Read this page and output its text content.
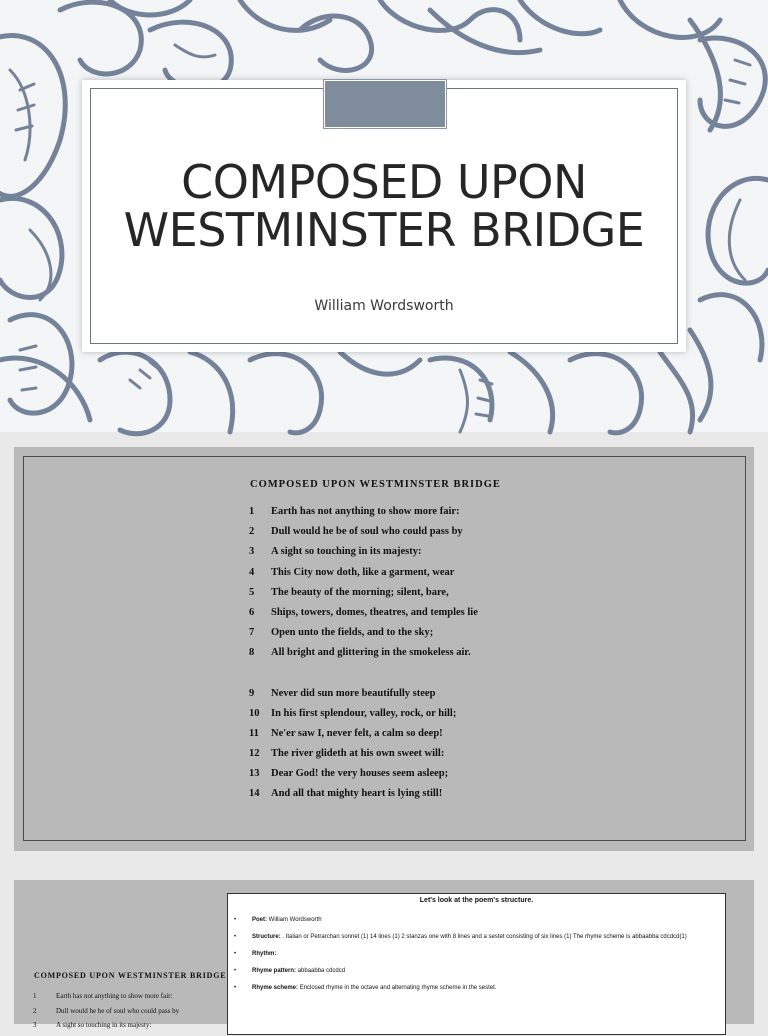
COMPOSED UPON
WESTMINSTER BRIDGE
William Wordsworth
COMPOSED UPON WESTMINSTER BRIDGE
1 Earth has not anything to show more fair:
2 Dull would he be of soul who could pass by
3 A sight so touching in its majesty:
4 This City now doth, like a garment, wear
5 The beauty of the morning; silent, bare,
6 Ships, towers, domes, theatres, and temples lie
7 Open unto the fields, and to the sky;
8 All bright and glittering in the smokeless air.
9 Never did sun more beautifully steep
10 In his first splendour, valley, rock, or hill;
11 Ne'er saw I, never felt, a calm so deep!
12 The river glideth at his own sweet will:
13 Dear God! the very houses seem asleep;
14 And all that mighty heart is lying still!
COMPOSED UPON WESTMINSTER BRIDGE
1	Earth has not anything to show more fair:
2	Dull would he be of soul who could pass by
3	A sight so touching in its majesty:
Let's look at the poem's structure.
•	Poet: William Wordsworth
•	Structure: . Italian or Petrarchan sonnet (1) 14 lines (1) 2 stanzas one with 8 lines and a sestet consisting of six lines (1) The rhyme scheme is abbaabba cdcdcd(1)
•	Rhythm:
•	Rhyme pattern: abbaabba cdcdcd
•	Rhyme scheme: Enclosed rhyme in the octave and alternating rhyme scheme in the sestet.
